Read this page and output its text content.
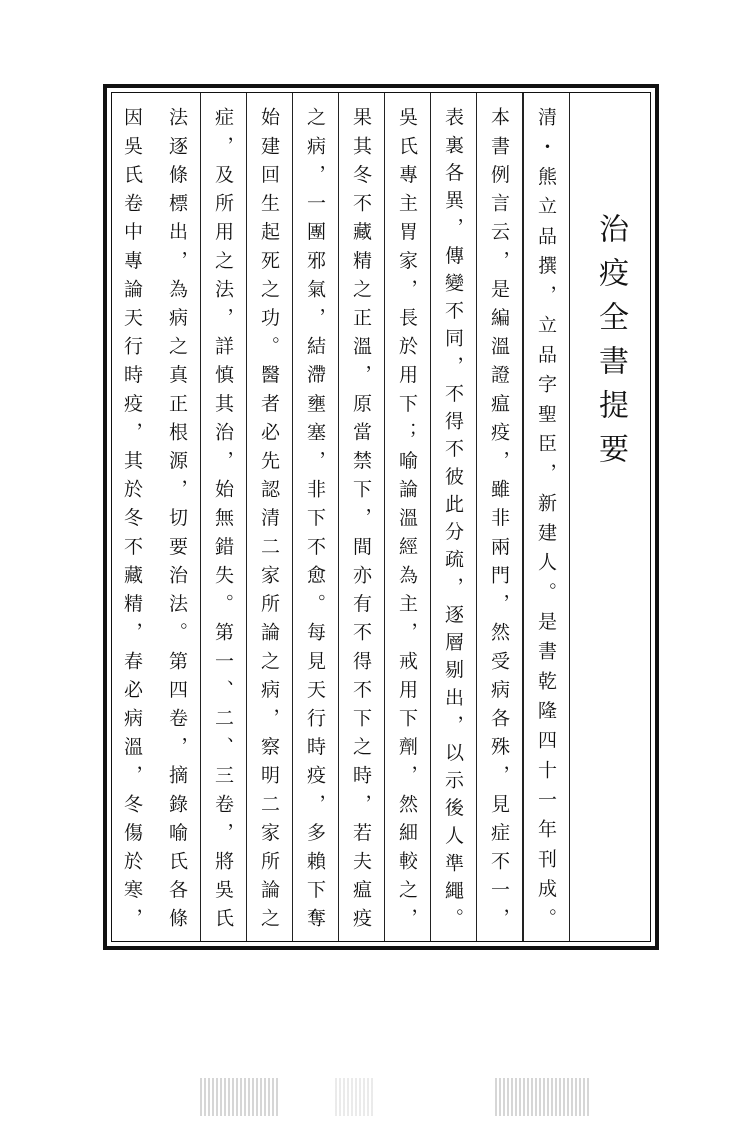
治疫全書提要
清・熊立品撰，立品字聖臣，新建人。是書乾隆四十一年刊成。
本書例言云，是編溫證瘟疫，雖非兩門，然受病各殊，見症不一，
表裏各異，傳變不同，不得不彼此分疏，逐層剔出，以示後人準繩。
吳氏專主胃家，長於用下；喻論溫經為主，戒用下劑，然細較之，
果其冬不藏精之正溫，原當禁下，間亦有不得不下之時，若夫瘟疫
之病，一團邪氣，結滯壅塞，非下不愈。每見天行時疫，多賴下奪
始建回生起死之功。醫者必先認清二家所論之病，察明二家所論之
症，及所用之法，詳慎其治，始無錯失。第一、二、三卷，將吳氏
法逐條標出，為病之真正根源，切要治法。第四卷，摘錄喻氏各條
因吳氏卷中專論天行時疫，其於冬不藏精，春必病溫，冬傷於寒，
